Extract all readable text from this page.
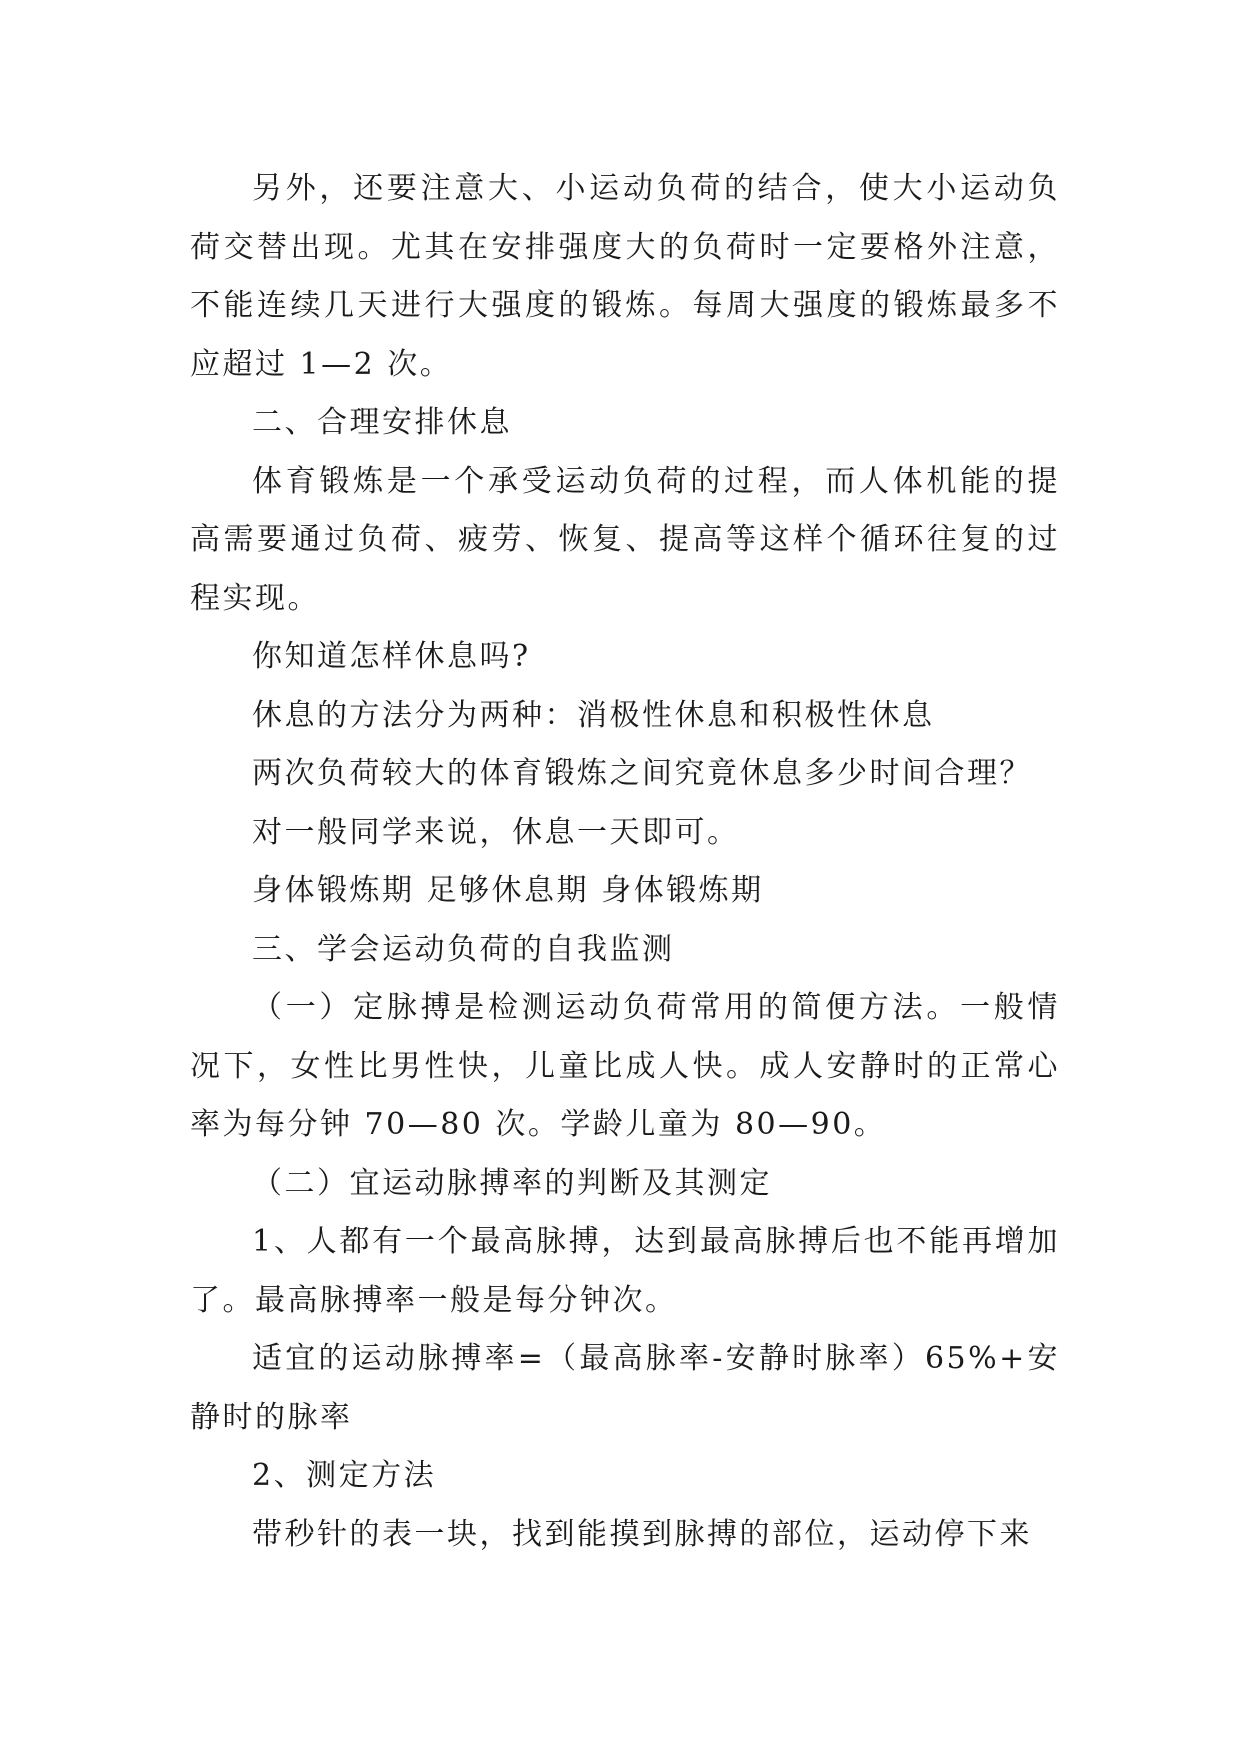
另外，还要注意大、小运动负荷的结合，使大小运动负荷交替出现。尤其在安排强度大的负荷时一定要格外注意，不能连续几天进行大强度的锻炼。每周大强度的锻炼最多不应超过 1—2 次。

二、合理安排休息

体育锻炼是一个承受运动负荷的过程，而人体机能的提高需要通过负荷、疲劳、恢复、提高等这样个循环往复的过程实现。

你知道怎样休息吗?

休息的方法分为两种：消极性休息和积极性休息

两次负荷较大的体育锻炼之间究竟休息多少时间合理？

对一般同学来说，休息一天即可。

身体锻炼期 足够休息期 身体锻炼期

三、学会运动负荷的自我监测

（一）定脉搏是检测运动负荷常用的简便方法。一般情况下，女性比男性快，儿童比成人快。成人安静时的正常心率为每分钟 70—80 次。学龄儿童为 80—90。

（二）宜运动脉搏率的判断及其测定

1、人都有一个最高脉搏，达到最高脉搏后也不能再增加了。最高脉搏率一般是每分钟次。

适宜的运动脉搏率=（最高脉率-安静时脉率）65%+安静时的脉率

2、测定方法

带秒针的表一块，找到能摸到脉搏的部位，运动停下来
